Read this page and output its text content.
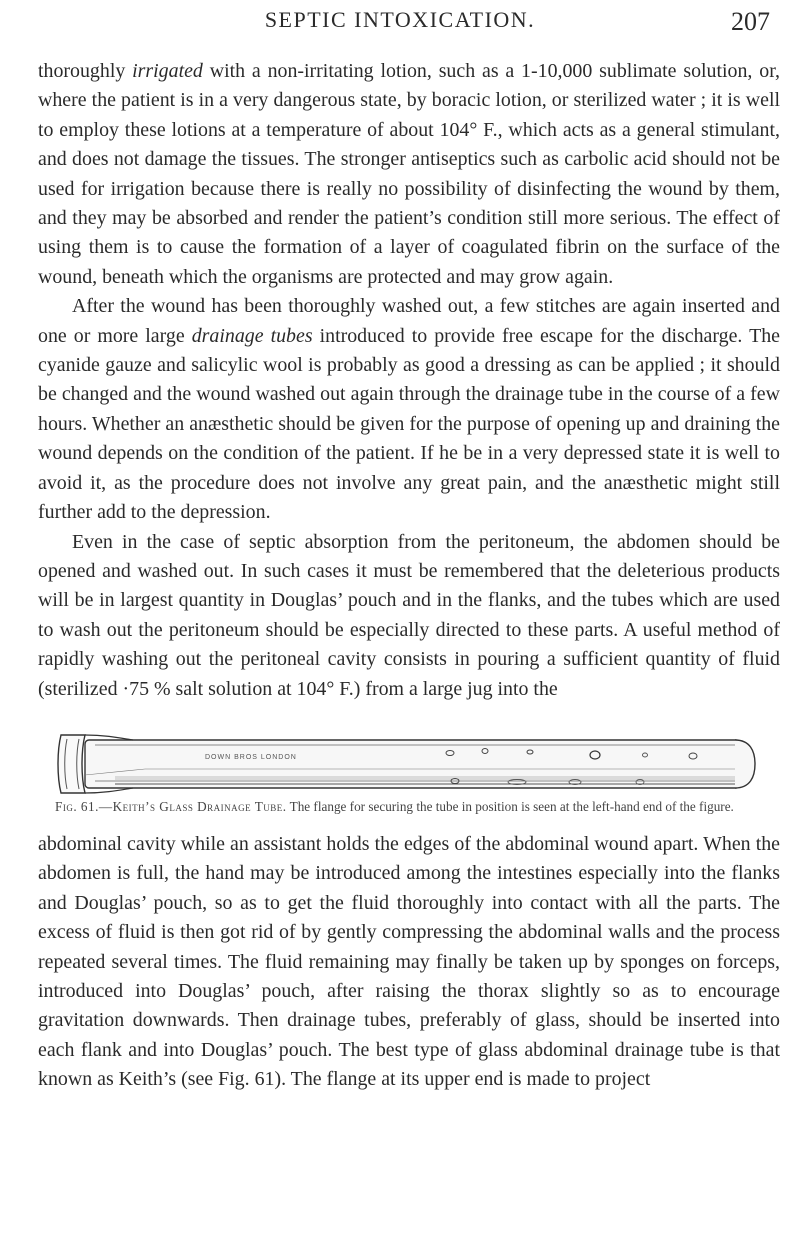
SEPTIC INTOXICATION.	207

thoroughly irrigated with a non-irritating lotion, such as a 1-10,000 sublimate solution, or, where the patient is in a very dangerous state, by boracic lotion, or sterilized water ; it is well to employ these lotions at a temperature of about 104° F., which acts as a general stimulant, and does not damage the tissues. The stronger antiseptics such as carbolic acid should not be used for irrigation because there is really no possibility of disinfecting the wound by them, and they may be absorbed and render the patient’s condition still more serious. The effect of using them is to cause the formation of a layer of coagulated fibrin on the surface of the wound, beneath which the organisms are protected and may grow again.

After the wound has been thoroughly washed out, a few stitches are again inserted and one or more large drainage tubes introduced to provide free escape for the discharge. The cyanide gauze and salicylic wool is probably as good a dressing as can be applied ; it should be changed and the wound washed out again through the drainage tube in the course of a few hours. Whether an anæsthetic should be given for the purpose of opening up and draining the wound depends on the condition of the patient. If he be in a very depressed state it is well to avoid it, as the procedure does not involve any great pain, and the anæsthetic might still further add to the depression.

Even in the case of septic absorption from the peritoneum, the abdomen should be opened and washed out. In such cases it must be remembered that the deleterious products will be in largest quantity in Douglas’ pouch and in the flanks, and the tubes which are used to wash out the peritoneum should be especially directed to these parts. A useful method of rapidly washing out the peritoneal cavity consists in pouring a sufficient quantity of fluid (sterilized ·75 % salt solution at 104° F.) from a large jug into the

DOWN BROS LONDON
Fig. 61.—Keith’s Glass Drainage Tube. The flange for securing the tube in position is seen at the left-hand end of the figure.

abdominal cavity while an assistant holds the edges of the abdominal wound apart. When the abdomen is full, the hand may be introduced among the intestines especially into the flanks and Douglas’ pouch, so as to get the fluid thoroughly into contact with all the parts. The excess of fluid is then got rid of by gently compressing the abdominal walls and the process repeated several times. The fluid remaining may finally be taken up by sponges on forceps, introduced into Douglas’ pouch, after raising the thorax slightly so as to encourage gravitation downwards. Then drainage tubes, preferably of glass, should be inserted into each flank and into Douglas’ pouch. The best type of glass abdominal drainage tube is that known as Keith’s (see Fig. 61). The flange at its upper end is made to project
